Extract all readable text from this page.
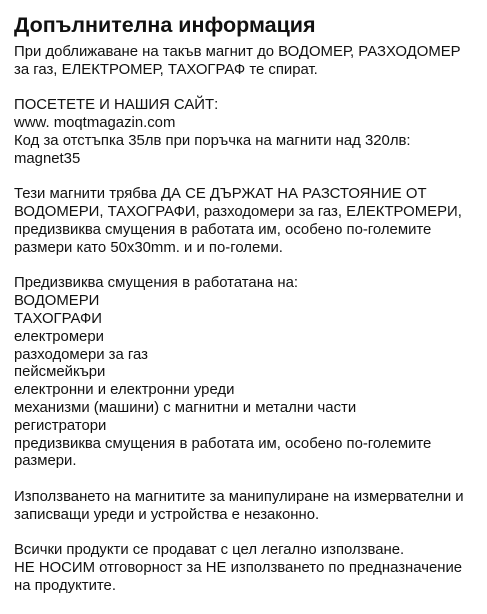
Допълнителна информация
При доближаване на такъв магнит до ВОДОМЕР, РАЗХОДОМЕР
за газ, ЕЛЕКТРОМЕР, ТАХОГРАФ те спират.
ПОСЕТЕТЕ И НАШИЯ САЙТ:
www. moqtmagazin.com
Код за отстъпка 35лв при поръчка на магнити над 320лв:
magnet35
Тези магнити трябва ДА СЕ ДЪРЖАТ НА РАЗСТОЯНИЕ ОТ
ВОДОМЕРИ, ТАХОГРАФИ, разходомери за газ, ЕЛЕКТРОМЕРИ,
предизвиква смущения в работата им, особено по-големите
размери като 50x30mm. и и по-големи.
Предизвиква смущения в работатана на:
ВОДОМЕРИ
ТАХОГРАФИ
електромери
разходомери за газ
пейсмейкъри
електронни и електронни уреди
механизми (машини) с магнитни и метални части
регистратори
предизвиква смущения в работата им, особено по-големите
размери.
Използването на магнитите за манипулиране на измервателни и
записващи уреди и устройства е незаконно.
Всички продукти се продават с цел легално използване.
НЕ НОСИМ отговорност за НЕ използването по предназначение
на продуктите.
